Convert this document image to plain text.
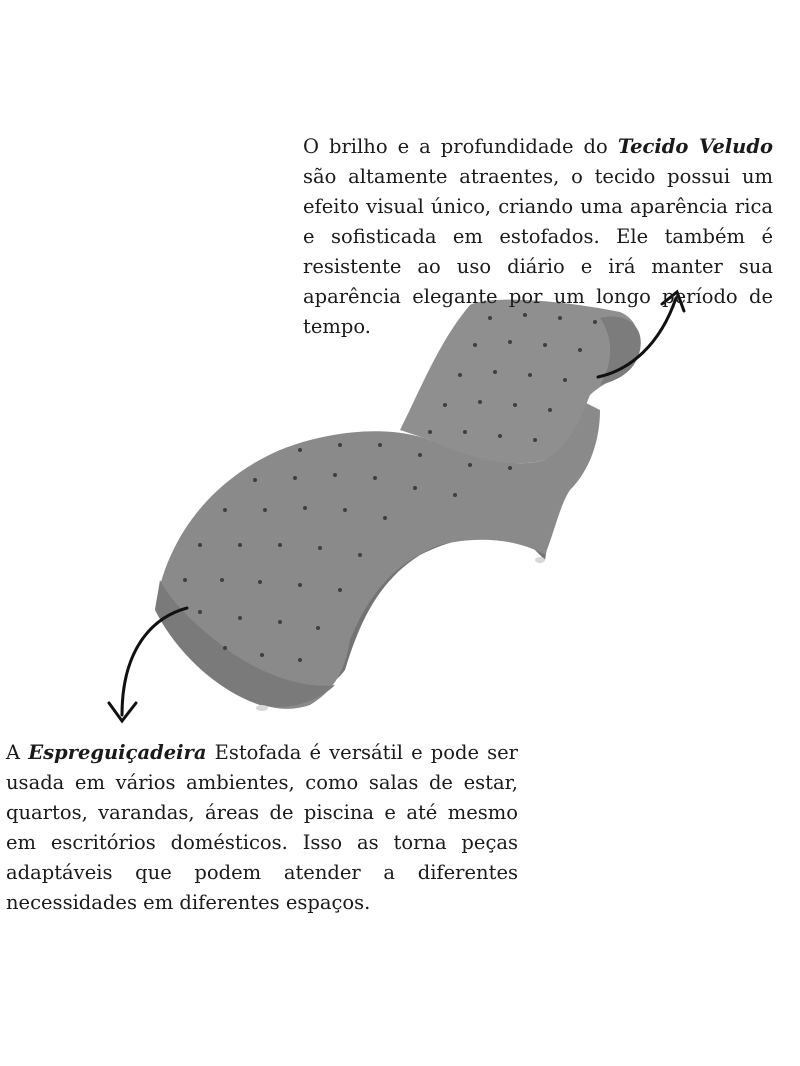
O brilho e a profundidade do Tecido Veludo são altamente atraentes, o tecido possui um efeito visual único, criando uma aparência rica e sofisticada em estofados. Ele também é resistente ao uso diário e irá manter sua aparência elegante por um longo período de tempo.
A Espreguiçadeira Estofada é versátil e pode ser usada em vários ambientes, como salas de estar, quartos, varandas, áreas de piscina e até mesmo em escritórios domésticos. Isso as torna peças adaptáveis que podem atender a diferentes necessidades em diferentes espaços.
